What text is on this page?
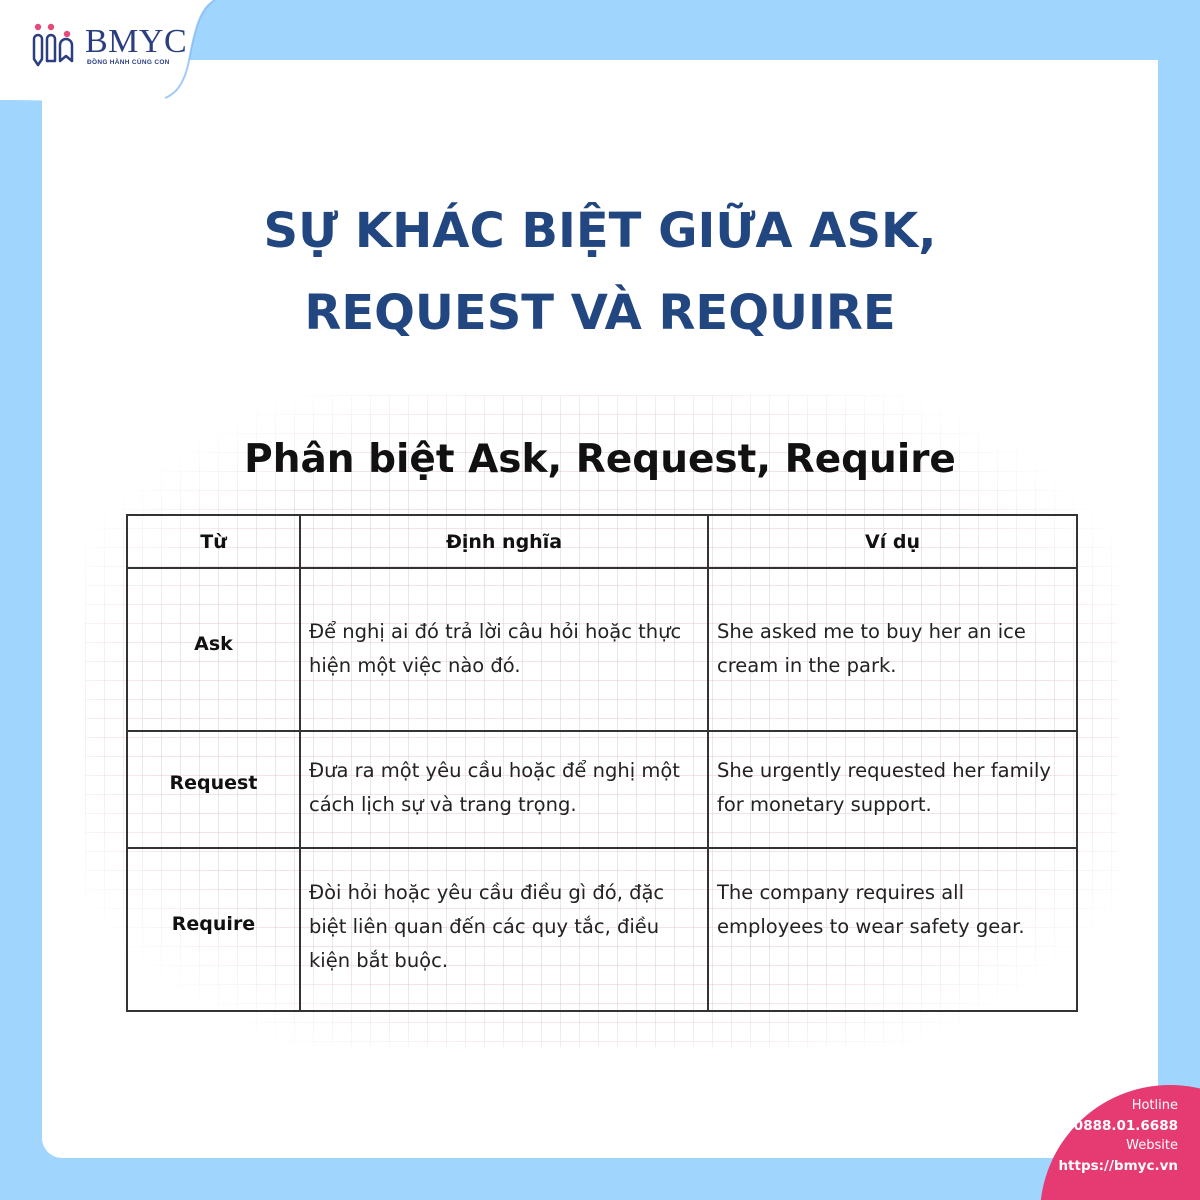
BMYC
ĐỒNG HÀNH CÙNG CON
SỰ KHÁC BIỆT GIỮA ASK,
REQUEST VÀ REQUIRE
Phân biệt Ask, Request, Require
Từ	Định nghĩa	Ví dụ
Ask	Để nghị ai đó trả lời câu hỏi hoặc thực hiện một việc nào đó.	She asked me to buy her an ice cream in the park.
Request	Đưa ra một yêu cầu hoặc để nghị một cách lịch sự và trang trọng.	She urgently requested her family for monetary support.
Require	Đòi hỏi hoặc yêu cầu điều gì đó, đặc biệt liên quan đến các quy tắc, điều kiện bắt buộc.	The company requires all employees to wear safety gear.
Hotline
0888.01.6688
Website
https://bmyc.vn
